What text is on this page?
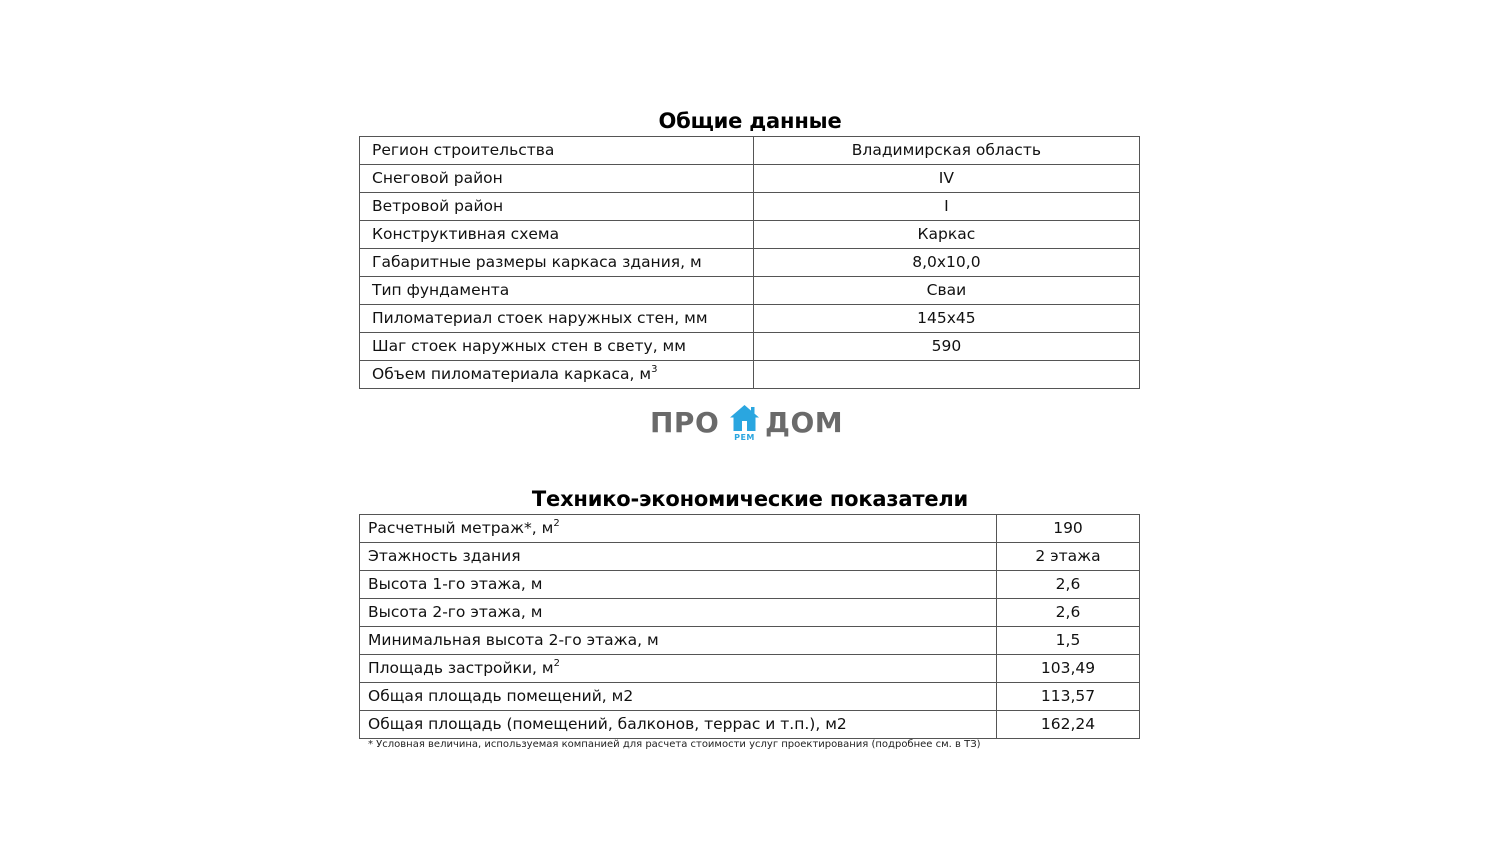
Общие данные
Регион строительства	Владимирская область
Снеговой район	IV
Ветровой район	I
Конструктивная схема	Каркас
Габаритные размеры каркаса здания, м	8,0х10,0
Тип фундамента	Сваи
Пиломатериал стоек наружных стен, мм	145х45
Шаг стоек наружных стен в свету, мм	590
Объем пиломатериала каркаса, $м^3$	
ПРО	РЕМ ДОМ
Технико-экономические показатели
Расчетный метраж*, $м^2$	190
Этажность здания	2 этажа
Высота 1-го этажа, м	2,6
Высота 2-го этажа, м	2,6
Минимальная высота 2-го этажа, м	1,5
Площадь застройки, $м^2$	103,49
Общая площадь помещений, м2	113,57
Общая площадь (помещений, балконов, террас и т.п.), м2	162,24
* Условная величина, используемая компанией для расчета стоимости услуг проектирования (подробнее см. в ТЗ)
